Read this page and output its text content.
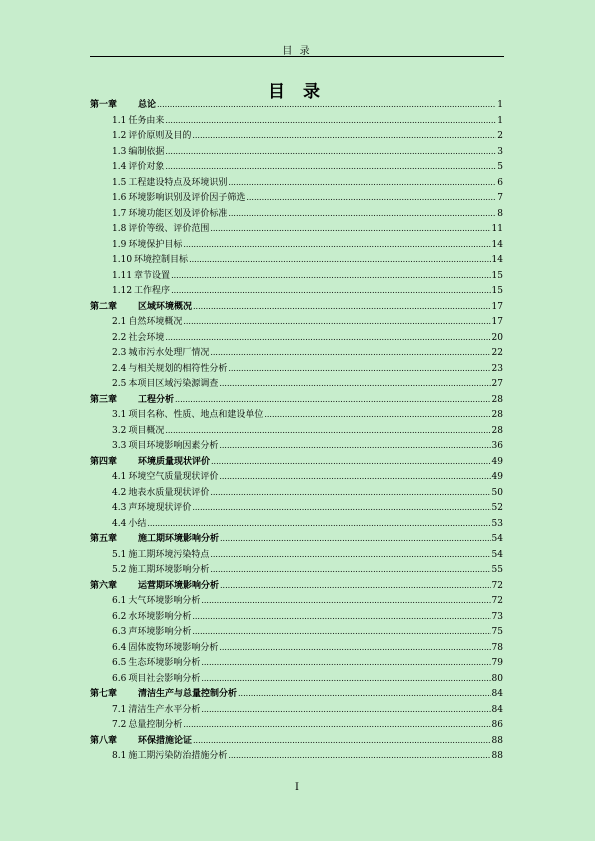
目 录
目 录
第一章	总论 .....	1
1.1 任务由来 .....	1
1.2 评价原则及目的 .....	2
1.3 编制依据 .....	3
1.4 评价对象 .....	5
1.5 工程建设特点及环境识别 .....	6
1.6 环境影响识别及评价因子筛选 .....	7
1.7 环境功能区划及评价标准 .....	8
1.8 评价等级、评价范围 .....	11
1.9 环境保护目标 .....	14
1.10 环境控制目标 .....	14
1.11 章节设置 .....	15
1.12 工作程序 .....	15
第二章	区域环境概况 .....	17
2.1 自然环境概况 .....	17
2.2 社会环境 .....	20
2.3 城市污水处理厂情况 .....	22
2.4 与相关规划的相符性分析 .....	23
2.5 本项目区域污染源调查 .....	27
第三章	工程分析 .....	28
3.1 项目名称、性质、地点和建设单位 .....	28
3.2 项目概况 .....	28
3.3 项目环境影响因素分析 .....	36
第四章	环境质量现状评价 .....	49
4.1 环境空气质量现状评价 .....	49
4.2 地表水质量现状评价 .....	50
4.3 声环境现状评价 .....	52
4.4 小结 .....	53
第五章	施工期环境影响分析 .....	54
5.1 施工期环境污染特点 .....	54
5.2 施工期环境影响分析 .....	55
第六章	运营期环境影响分析 .....	72
6.1 大气环境影响分析 .....	72
6.2 水环境影响分析 .....	73
6.3 声环境影响分析 .....	75
6.4 固体废物环境影响分析 .....	78
6.5 生态环境影响分析 .....	79
6.6 项目社会影响分析 .....	80
第七章	清洁生产与总量控制分析 .....	84
7.1 清洁生产水平分析 .....	84
7.2 总量控制分析 .....	86
第八章	环保措施论证 .....	88
8.1 施工期污染防治措施分析 .....	88
I
